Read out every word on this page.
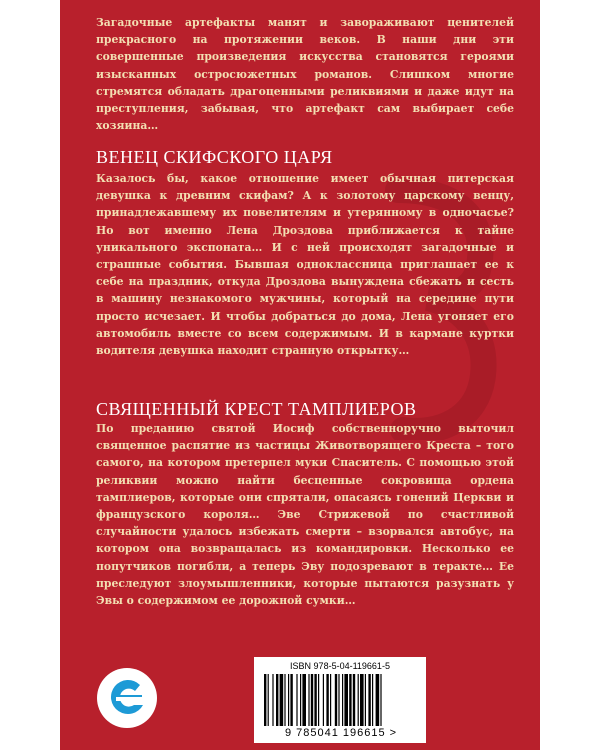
Загадочные артефакты манят и завораживают ценителей прекрасного на протяжении веков. В наши дни эти совершенные произведения искусства становятся героями изысканных остросюжетных романов. Слишком многие стремятся обладать драгоценными реликвиями и даже идут на преступления, забывая, что артефакт сам выбирает себе хозяина…

ВЕНЕЦ СКИФСКОГО ЦАРЯ

Казалось бы, какое отношение имеет обычная питерская девушка к древним скифам? А к золотому царскому венцу, принадлежавшему их повелителям и утерянному в одночасье? Но вот именно Лена Дроздова приближается к тайне уникального экспоната… И с ней происходят загадочные и страшные события. Бывшая одноклассница приглашает ее к себе на праздник, откуда Дроздова вынуждена сбежать и сесть в машину незнакомого мужчины, который на середине пути просто исчезает. И чтобы добраться до дома, Лена угоняет его автомобиль вместе со всем содержимым. И в кармане куртки водителя девушка находит странную открытку…

СВЯЩЕННЫЙ КРЕСТ ТАМПЛИЕРОВ

По преданию святой Иосиф собственноручно выточил священное распятие из частицы Животворящего Креста – того самого, на котором претерпел муки Спаситель. С помощью этой реликвии можно найти бесценные сокровища ордена тамплиеров, которые они спрятали, опасаясь гонений Церкви и французского короля… Эве Стрижевой по счастливой случайности удалось избежать смерти – взорвался автобус, на котором она возвращалась из командировки. Несколько ее попутчиков погибли, а теперь Эву подозревают в теракте… Ее преследуют злоумышленники, которые пытаются разузнать у Эвы о содержимом ее дорожной сумки…

ISBN 978-5-04-119661-5
9 785041 196615 >
